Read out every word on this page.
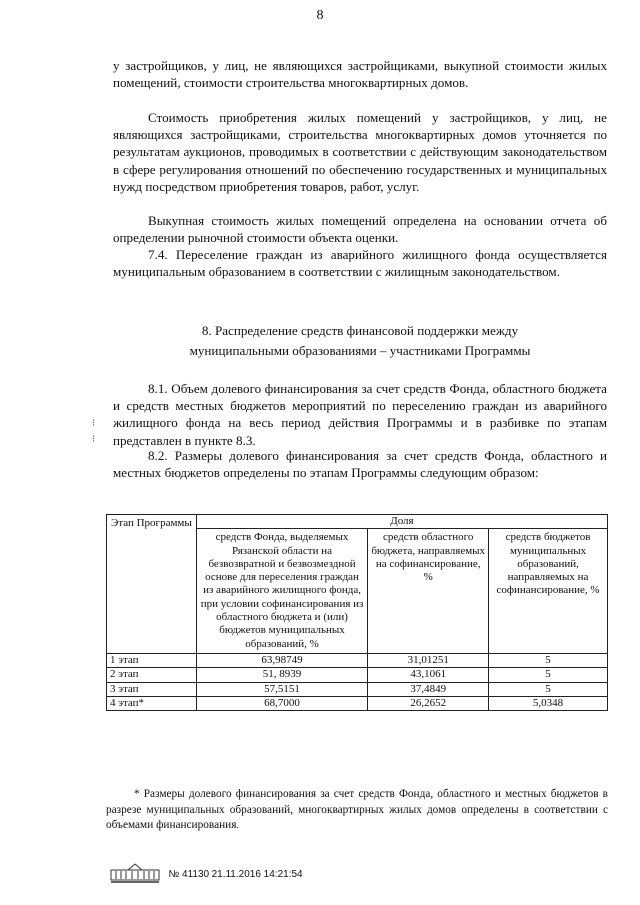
8
у застройщиков, у лиц, не являющихся застройщиками, выкупной стоимости жилых помещений, стоимости строительства многоквартирных домов.
Стоимость приобретения жилых помещений у застройщиков, у лиц, не являющихся застройщиками, строительства многоквартирных домов уточняется по результатам аукционов, проводимых в соответствии с действующим законодательством в сфере регулирования отношений по обеспечению государственных и муниципальных нужд посредством приобретения товаров, работ, услуг.
Выкупная стоимость жилых помещений определена на основании отчета об определении рыночной стоимости объекта оценки.
7.4. Переселение граждан из аварийного жилищного фонда осуществляется муниципальным образованием в соответствии с жилищным законодательством.
8. Распределение средств финансовой поддержки между
муниципальными образованиями – участниками Программы
8.1. Объем долевого финансирования за счет средств Фонда, областного бюджета и средств местных бюджетов мероприятий по переселению граждан из аварийного жилищного фонда на весь период действия Программы и в разбивке по этапам представлен в пункте 8.3.
8.2. Размеры долевого финансирования за счет средств Фонда, областного и местных бюджетов определены по этапам Программы следующим образом:
⁝
⁝
Этап Программы	Доля		
	средств Фонда, выделяемых Рязанской области на безвозвратной и безвозмездной основе для переселения граждан из аварийного жилищного фонда, при условии софинансирования из областного бюджета и (или) бюджетов муниципальных образований, %	средств областного бюджета, направляемых на софинансирование, %	средств бюджетов муниципальных образований, направляемых на софинансирование, %
1 этап	63,98749	31,01251	5
2 этап	51, 8939	43,1061	5
3 этап	57,5151	37,4849	5
4 этап*	68,7000	26,2652	5,0348
* Размеры долевого финансирования за счет средств Фонда, областного и местных бюджетов в разрезе муниципальных образований, многоквартирных жилых домов определены в соответствии с объемами финансирования.
№ 41130 21.11.2016 14:21:54
